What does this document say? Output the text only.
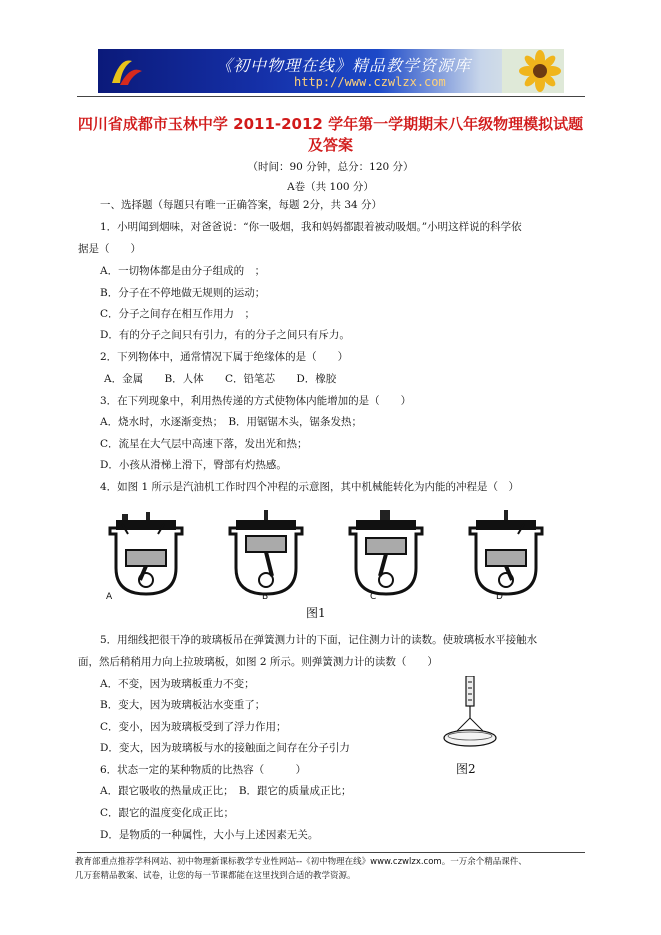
《初中物理在线》精品教学资源库
http://www.czwlzx.com
四川省成都市玉林中学 2011-2012 学年第一学期期末八年级物理模拟试题
及答案
（时间：90 分钟，总分：120 分）
A卷（共 100 分）
一、选择题（每题只有唯一正确答案，每题 2分，共 34 分）
1．小明闻到烟味，对爸爸说：“你一吸烟，我和妈妈都跟着被动吸烟。”小明这样说的科学依
据是（　　）
A．一切物体都是由分子组成的　；
B．分子在不停地做无规则的运动；
C．分子之间存在相互作用力　；
D．有的分子之间只有引力，有的分子之间只有斥力。
2．下列物体中，通常情况下属于绝缘体的是（　　）
A．金属 B．人体 C．铅笔芯 D．橡胶
3．在下列现象中，利用热传递的方式使物体内能增加的是（　　）
A．烧水时，水逐渐变热；　B．用锯锯木头，锯条发热；
C．流星在大气层中高速下落，发出光和热；
D．小孩从滑梯上滑下，臀部有灼热感。
4．如图 1 所示是汽油机工作时四个冲程的示意图，其中机械能转化为内能的冲程是（　）
A	B	C	D
图1
5．用细线把很干净的玻璃板吊在弹簧测力计的下面，记住测力计的读数。使玻璃板水平接触水
面，然后稍稍用力向上拉玻璃板，如图 2 所示。则弹簧测力计的读数（　　）
A．不变，因为玻璃板重力不变；
B．变大，因为玻璃板沾水变重了；
C．变小，因为玻璃板受到了浮力作用；
D．变大，因为玻璃板与水的接触面之间存在分子引力
图2
6．状态一定的某种物质的比热容（　　　）
A．跟它吸收的热量成正比；　B．跟它的质量成正比；
C．跟它的温度变化成正比；
D．是物质的一种属性，大小与上述因素无关。
教育部重点推荐学科网站、初中物理新课标教学专业性网站--《初中物理在线》www.czwlzx.com。一万余个精品课件、
几万套精品教案、试卷，让您的每一节课都能在这里找到合适的教学资源。
